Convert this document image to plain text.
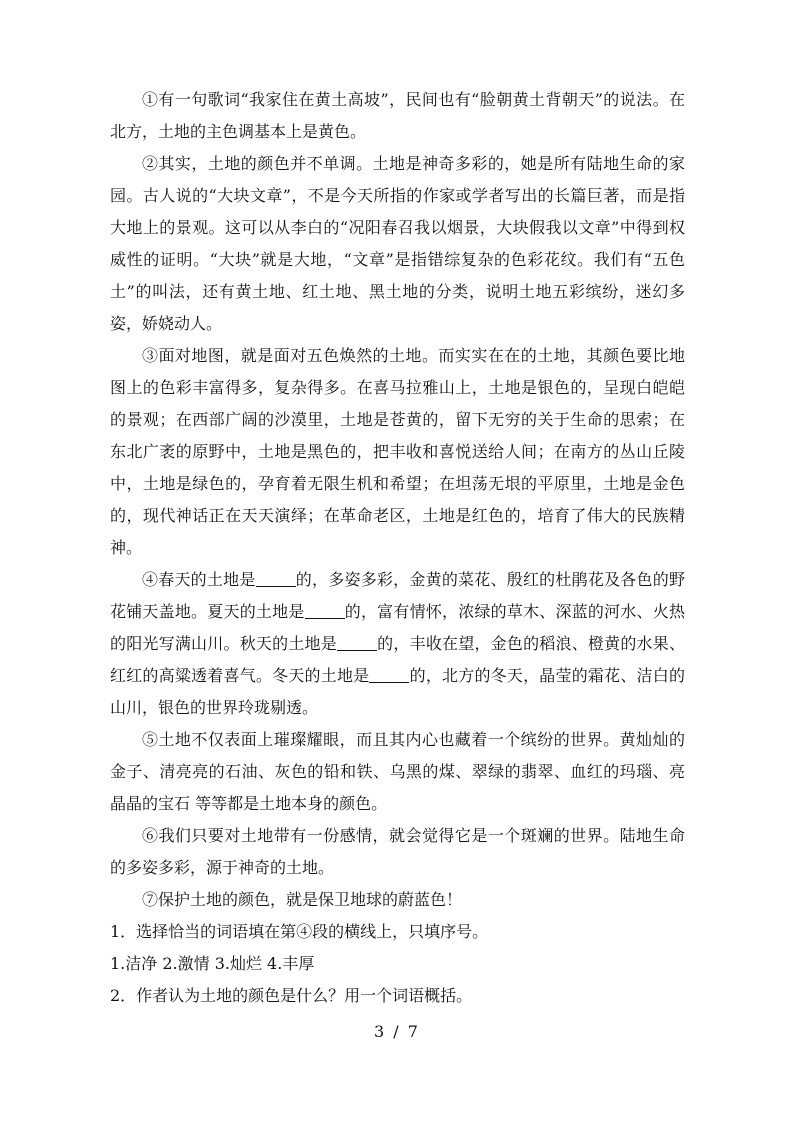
①有一句歌词“我家住在黄土高坡”，民间也有“脸朝黄土背朝天”的说法。在北方，土地的主色调基本上是黄色。

②其实，土地的颜色并不单调。土地是神奇多彩的，她是所有陆地生命的家园。古人说的“大块文章”，不是今天所指的作家或学者写出的长篇巨著，而是指大地上的景观。这可以从李白的“况阳春召我以烟景，大块假我以文章”中得到权威性的证明。“大块”就是大地，“文章”是指错综复杂的色彩花纹。我们有“五色土”的叫法，还有黄土地、红土地、黑土地的分类，说明土地五彩缤纷，迷幻多姿，娇娆动人。

③面对地图，就是面对五色焕然的土地。而实实在在的土地，其颜色要比地图上的色彩丰富得多，复杂得多。在喜马拉雅山上，土地是银色的，呈现白皑皑的景观；在西部广阔的沙漠里，土地是苍黄的，留下无穷的关于生命的思索；在东北广袤的原野中，土地是黑色的，把丰收和喜悦送给人间；在南方的丛山丘陵中，土地是绿色的，孕育着无限生机和希望；在坦荡无垠的平原里，土地是金色的，现代神话正在天天演绎；在革命老区，土地是红色的，培育了伟大的民族精神。

④春天的土地是	的，多姿多彩，金黄的菜花、殷红的杜鹃花及各色的野花铺天盖地。夏天的土地是	的，富有情怀，浓绿的草木、深蓝的河水、火热的阳光写满山川。秋天的土地是	的，丰收在望，金色的稻浪、橙黄的水果、红红的高粱透着喜气。冬天的土地是	的，北方的冬天，晶莹的霜花、洁白的山川，银色的世界玲珑剔透。

⑤土地不仅表面上璀璨耀眼，而且其内心也藏着一个缤纷的世界。黄灿灿的金子、清亮亮的石油、灰色的铅和铁、乌黑的煤、翠绿的翡翠、血红的玛瑙、亮晶晶的宝石 等等都是土地本身的颜色。

⑥我们只要对土地带有一份感情，就会觉得它是一个斑斓的世界。陆地生命的多姿多彩，源于神奇的土地。

⑦保护土地的颜色，就是保卫地球的蔚蓝色！

1．选择恰当的词语填在第④段的横线上，只填序号。

1.洁净 2.激情 3.灿烂 4.丰厚

2．作者认为土地的颜色是什么？用一个词语概括。

3 / 7
